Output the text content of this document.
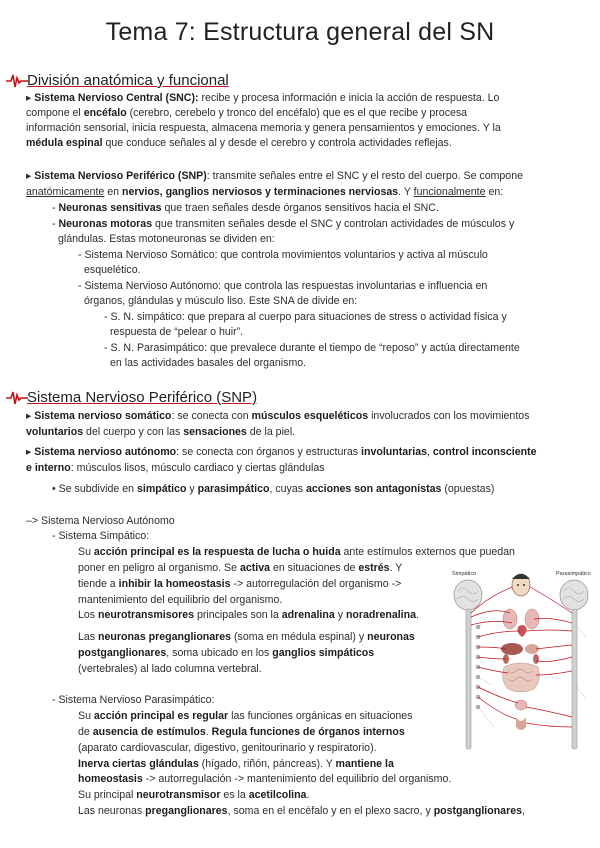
Tema 7: Estructura general del SN
División anatómica y funcional
▸ Sistema Nervioso Central (SNC): recibe y procesa información e inicia la acción de respuesta. Lo
compone el encéfalo (cerebro, cerebelo y tronco del encéfalo) que es el que recibe y procesa
información sensorial, inicia respuesta, almacena memoria y genera pensamientos y emociones. Y la
médula espinal que conduce señales al y desde el cerebro y controla actividades reflejas.
▸ Sistema Nervioso Periférico (SNP): transmite señales entre el SNC y el resto del cuerpo. Se compone
anatómicamente en nervios, ganglios nerviosos y terminaciones nerviosas. Y funcionalmente en:
- Neuronas sensitivas que traen señales desde órganos sensitivos hacia el SNC.
- Neuronas motoras que transmiten señales desde el SNC y controlan actividades de músculos y
glándulas. Estas motoneuronas se dividen en:
- Sistema Nervioso Somático: que controla movimientos voluntarios y activa al músculo
esquelético.
- Sistema Nervioso Autónomo: que controla las respuestas involuntarias e influencia en
órganos, glándulas y músculo liso. Este SNA de divide en:
- S. N. simpático: que prepara al cuerpo para situaciones de stress o actividad física y
respuesta de “pelear o huir”.
- S. N. Parasimpático: que prevalece durante el tiempo de “reposo” y actúa directamente
en las actividades basales del organismo.
Sistema Nervioso Periférico (SNP)
▸ Sistema nervioso somático: se conecta con músculos esqueléticos involucrados con los movimientos
voluntarios del cuerpo y con las sensaciones de la piel.
▸ Sistema nervioso autónomo: se conecta con órganos y estructuras involuntarias, control inconsciente
e interno: músculos lisos, músculo cardiaco y ciertas glándulas
• Se subdivide en simpático y parasimpático, cuyas acciones son antagonistas (opuestas)
–> Sistema Nervioso Autónomo
- Sistema Simpático:
Su acción principal es la respuesta de lucha o huida ante estímulos externos que puedan
poner en peligro al organismo. Se activa en situaciones de estrés. Y
tiende a inhibir la homeostasis -> autorregulación del organismo ->
mantenimiento del equilibrio del organismo.
Los neurotransmisores principales son la adrenalina y noradrenalina.
Las neuronas preganglionares (soma en médula espinal) y neuronas
postganglionares, soma ubicado en los ganglios simpáticos
(vertebrales) al lado columna vertebral.
- Sistema Nervioso Parasimpático:
Su acción principal es regular las funciones orgánicas en situaciones
de ausencia de estímulos. Regula funciones de órganos internos
(aparato cardiovascular, digestivo, genitourinario y respiratorio).
Inerva ciertas glándulas (hígado, riñón, páncreas). Y mantiene la
homeostasis -> autorregulación -> mantenimiento del equilibrio del organismo.
Su principal neurotransmisor es la acetilcolina.
Las neuronas preganglionares, soma en el encéfalo y en el plexo sacro, y postganglionares,
Simpático	Parasimpático
